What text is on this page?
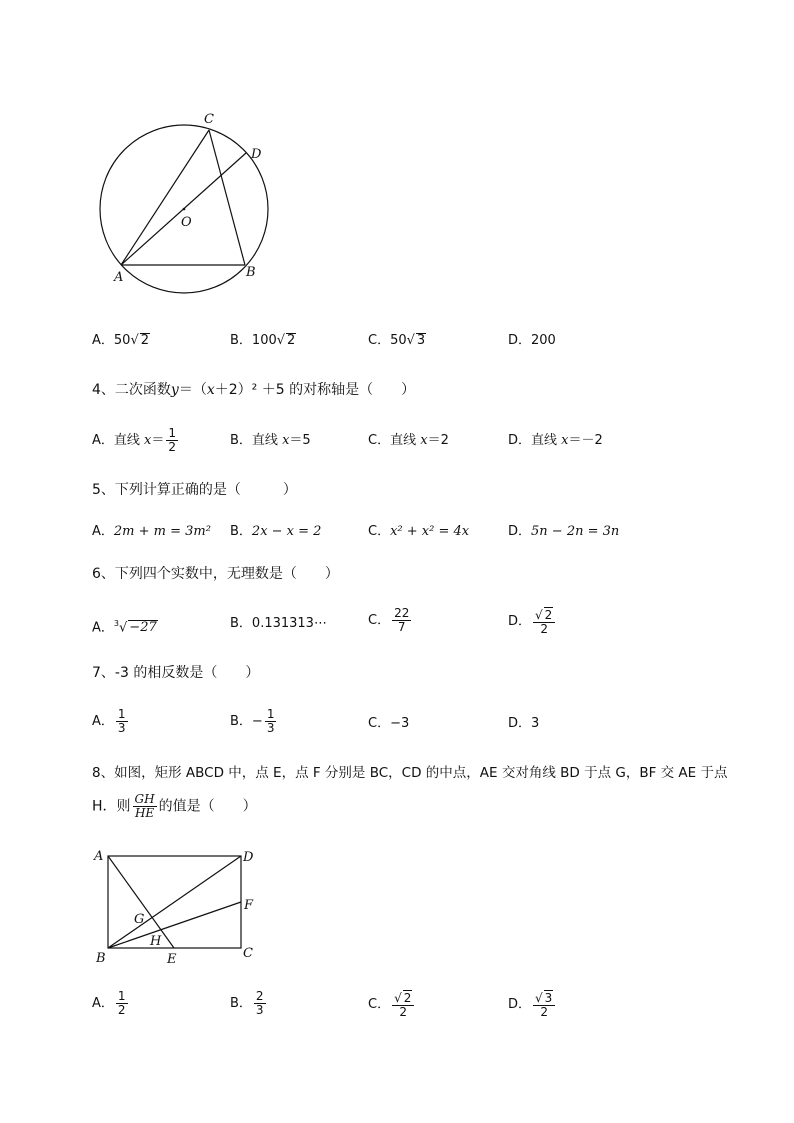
C
D
O
A	B
A．50√ 2	B．100√ 2	C．50√ 3	D．200
4、二次函数y＝（x＋2）² ＋5 的对称轴是（　　）
A．直线 $x= \frac{1}{2}$	B．直线 x＝5	C．直线 x＝2	D．直线 x＝－2
5、下列计算正确的是（　　　）
A．2m + m = 3m² B．2x − x = 2	C．x² + x² = 4x	D．5n − 2n = 3n
6、下列四个实数中，无理数是（　　）
A．$^3$√ −27	B．0.131313⋯	C． $\frac{22}{7}$	D． $\frac{√ 2}{2}$
7、-3 的相反数是（　　）
A． $\frac{1}{3}$	B．− $\frac{1}{3}$	C．−3	D．3
8、如图，矩形 ABCD 中，点 E，点 F 分别是 BC，CD 的中点，AE 交对角线 BD 于点 G，BF 交 AE 于点
H．则 $\frac{GH}{HE}$ 的值是（　　）
A	D
F
G
H
B	E	C
A． $\frac{1}{2}$	B． $\frac{2}{3}$	C． $\frac{√ 2}{2}$	D． $\frac{√ 3}{2}$
